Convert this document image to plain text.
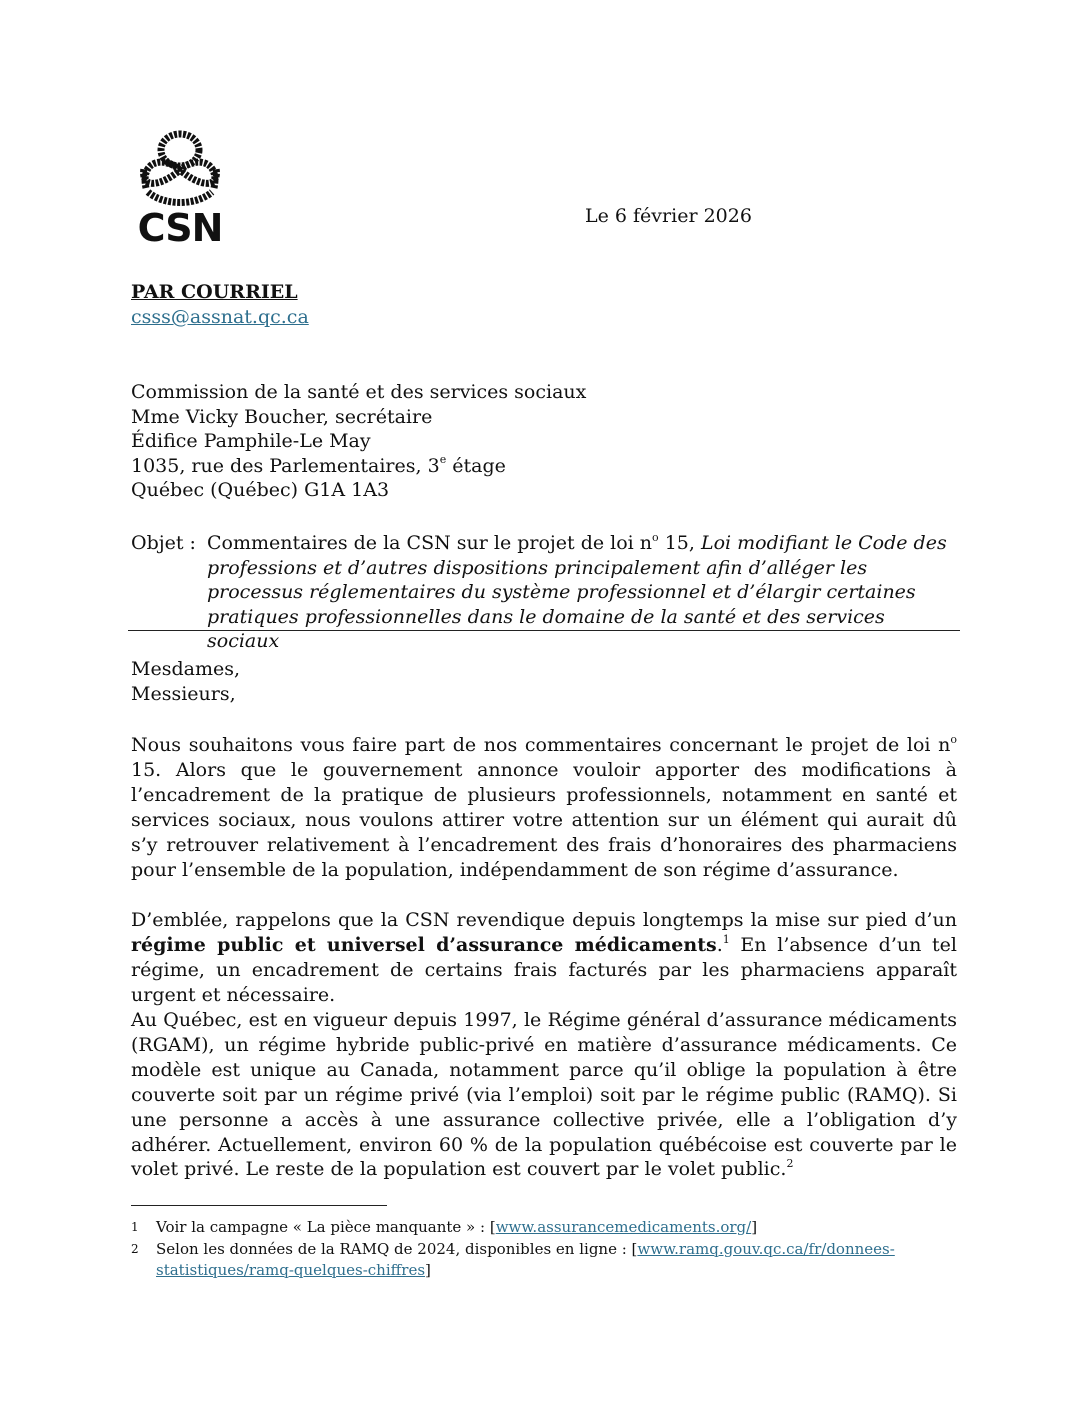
CSN	Le 6 février 2026
PAR COURRIEL
csss@assnat.qc.ca
Commission de la santé et des services sociaux
Mme Vicky Boucher, secrétaire
Édifice Pamphile-Le May
1035, rue des Parlementaires, 3e étage
Québec (Québec) G1A 1A3
Objet : Commentaires de la CSN sur le projet de loi $n^o$ 15, Loi modifiant le Code des professions et d’autres dispositions principalement afin d’alléger les processus réglementaires du système professionnel et d’élargir certaines pratiques professionnelles dans le domaine de la santé et des services sociaux
Mesdames,
Messieurs,
Nous souhaitons vous faire part de nos commentaires concernant le projet de loi $n^o$ 15. Alors que le gouvernement annonce vouloir apporter des modifications à l’encadrement de la pratique de plusieurs professionnels, notamment en santé et services sociaux, nous voulons attirer votre attention sur un élément qui aurait dû s’y retrouver relativement à l’encadrement des frais d’honoraires des pharmaciens pour l’ensemble de la population, indépendamment de son régime d’assurance.
D’emblée, rappelons que la CSN revendique depuis longtemps la mise sur pied d’un régime public et universel d’assurance médicaments.$^1$ En l’absence d’un tel régime, un encadrement de certains frais facturés par les pharmaciens apparaît urgent et nécessaire.
Au Québec, est en vigueur depuis 1997, le Régime général d’assurance médicaments (RGAM), un régime hybride public-privé en matière d’assurance médicaments. Ce modèle est unique au Canada, notamment parce qu’il oblige la population à être couverte soit par un régime privé (via l’emploi) soit par le régime public (RAMQ). Si une personne a accès à une assurance collective privée, elle a l’obligation d’y adhérer. Actuellement, environ 60 % de la population québécoise est couverte par le volet privé. Le reste de la population est couvert par le volet public.$^2$
1 Voir la campagne « La pièce manquante » : [www.assurancemedicaments.org/]
2 Selon les données de la RAMQ de 2024, disponibles en ligne : [www.ramq.gouv.qc.ca/fr/donnees-statistiques/ramq-quelques-chiffres]
